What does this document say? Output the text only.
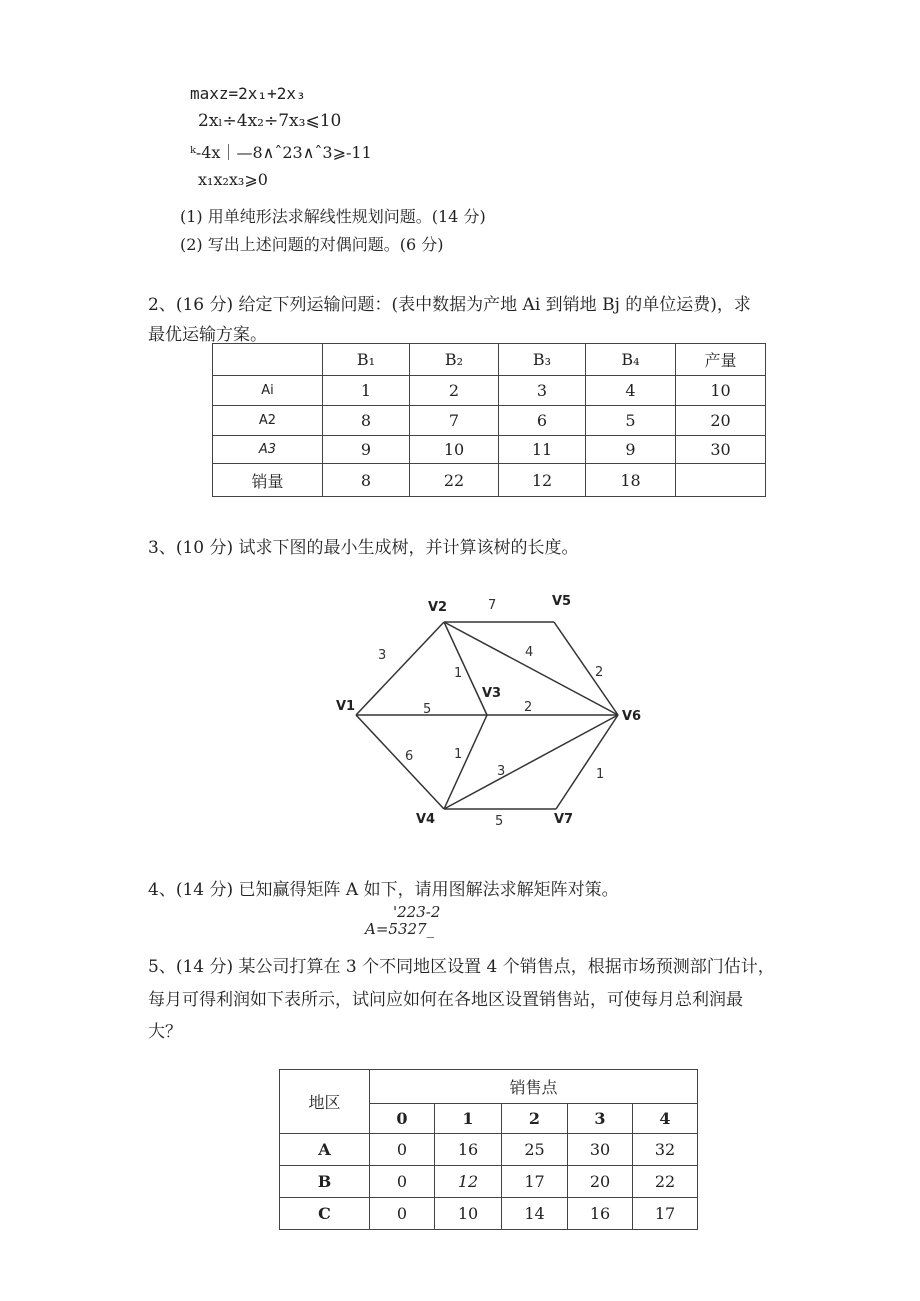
maxz=2x₁+2x₃
2xₗ÷4x₂÷7x₃⩽10
ᵏ-4x｜—8∧ˆ23∧ˆ3⩾-11
x₁x₂x₃⩾0
(1) 用单纯形法求解线性规划问题。(14 分)
(2) 写出上述问题的对偶问题。(6 分)
2、(16 分) 给定下列运输问题：(表中数据为产地 Ai 到销地 Bj 的单位运费)，求
最优运输方案。
	B₁	B₂	B₃	B₄	产量
Ai	1	2	3	4	10
A2	8	7	6	5	20
A3	9	10	11	9	30
销量	8	22	12	18	
3、(10 分) 试求下图的最小生成树，并计算该树的长度。
V2	V5
V1
V3
V6
V4	V7
7
3
1
4
2
5	2
6	1
3	1
5
4、(14 分) 已知赢得矩阵 A 如下，请用图解法求解矩阵对策。
'223-2
A=5327_
5、(14 分) 某公司打算在 3 个不同地区设置 4 个销售点，根据市场预测部门估计，
每月可得利润如下表所示，试问应如何在各地区设置销售站，可使每月总利润最
大？
地区	销售点				
	0	1	2	3	4
A	0	16	25	30	32
B	0	12	17	20	22
C	0	10	14	16	17
